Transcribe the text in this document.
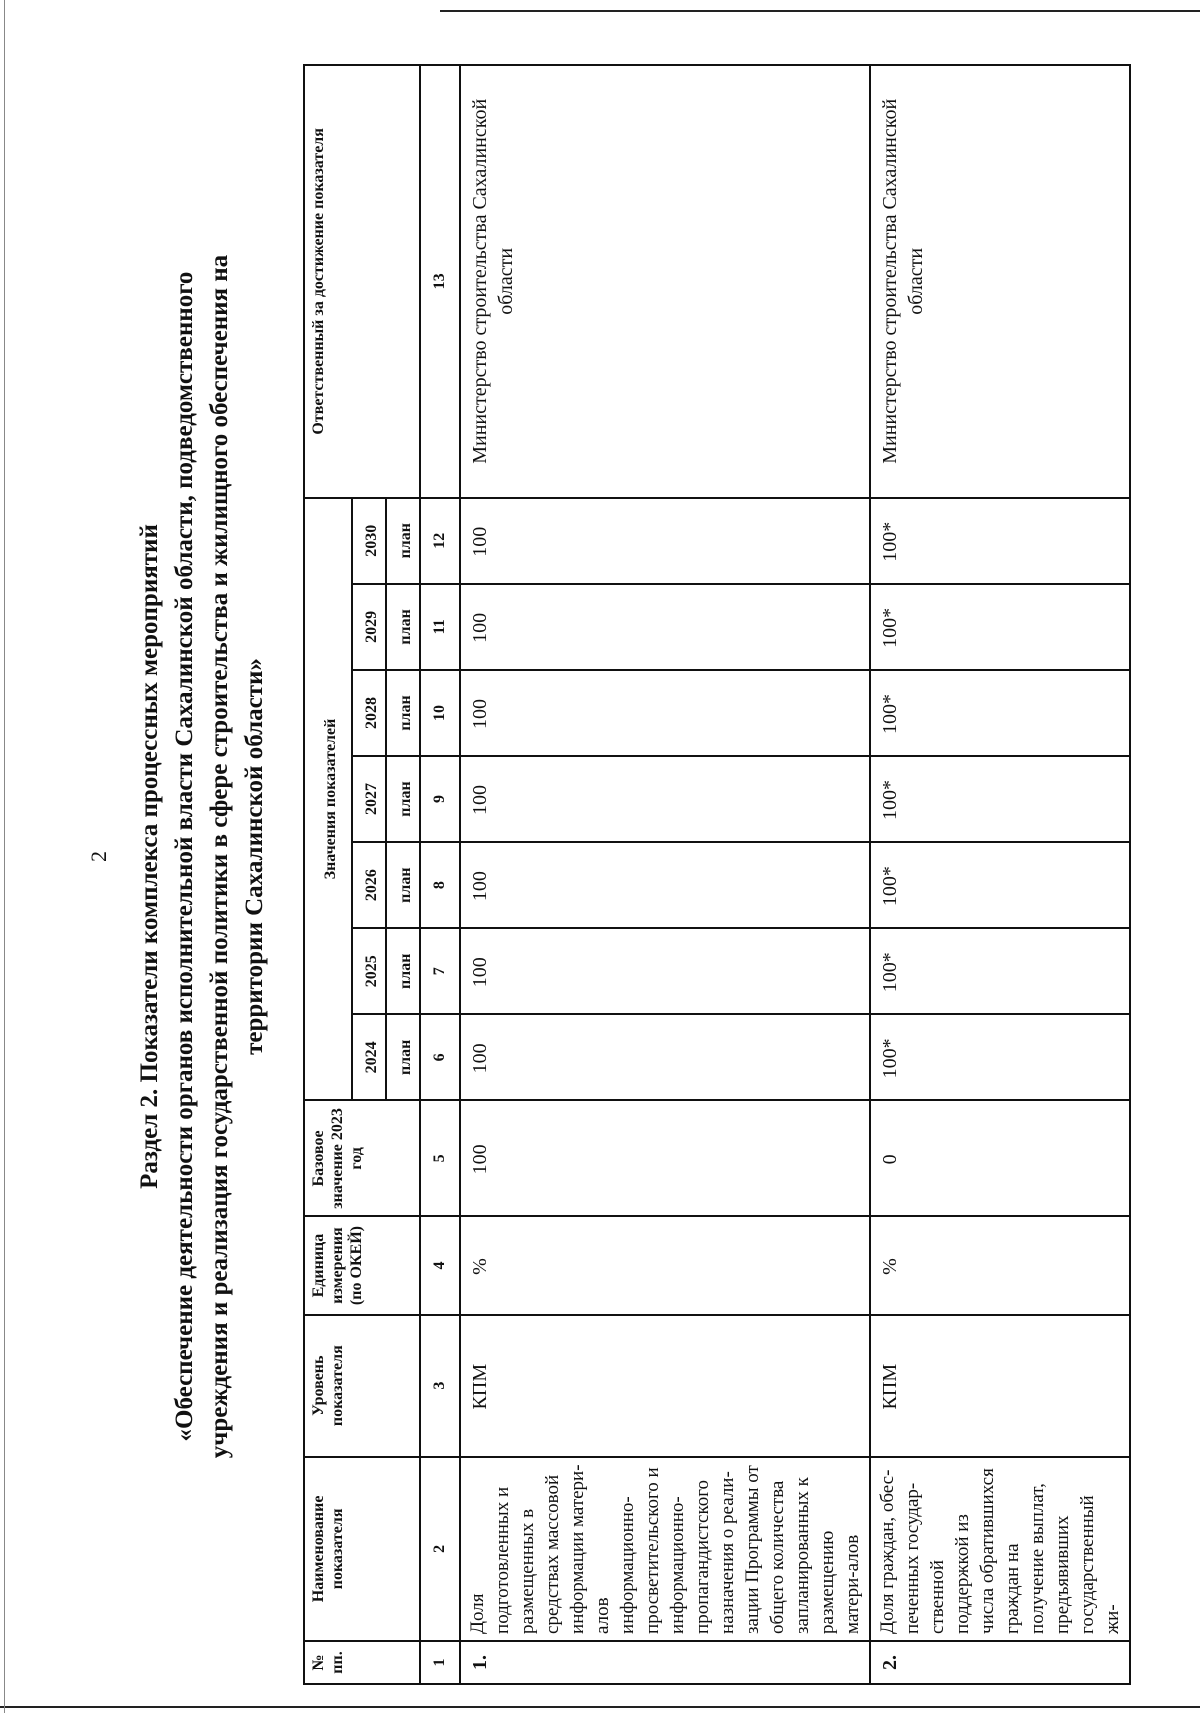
2 Раздел 2. Показатели комплекса процессных мероприятий «Обеспечение деятельности органов исполнительной власти Сахалинской области, подведомственного учреждения и реализация государственной политики в сфере строительства и жилищного обеспечения на территории Сахалинской области»
№ пп.	Наименование показателя	Уровень показателя	Единица измерения (по ОКЕЙ)	Базовое значение 2023 год	Значения показателей							Ответственный за достижение показателя
					2024	2025	2026	2027	2028	2029	2030	
					план	план	план	план	план	план	план	
1	2	3	4	5	6	7	8	9	10	11	12	13
1.	Доля подготовленных и размещенных в средствах массовой информации матери-алов информационно-просветительского и информационно-пропагандистского назначения о реали-зации Программы от общего количества запланированных к размещению матери-алов	КПМ	%	100	100	100	100	100	100	100	100	Министерство строительства Сахалинской области
2.	Доля граждан, обес-печенных государ-ственной поддержкой из числа обратившихся граждан на получение выплат, предъявивших государственный жи-	КПМ	%	0	100*	100*	100*	100*	100*	100*	100*	Министерство строительства Сахалинской области
